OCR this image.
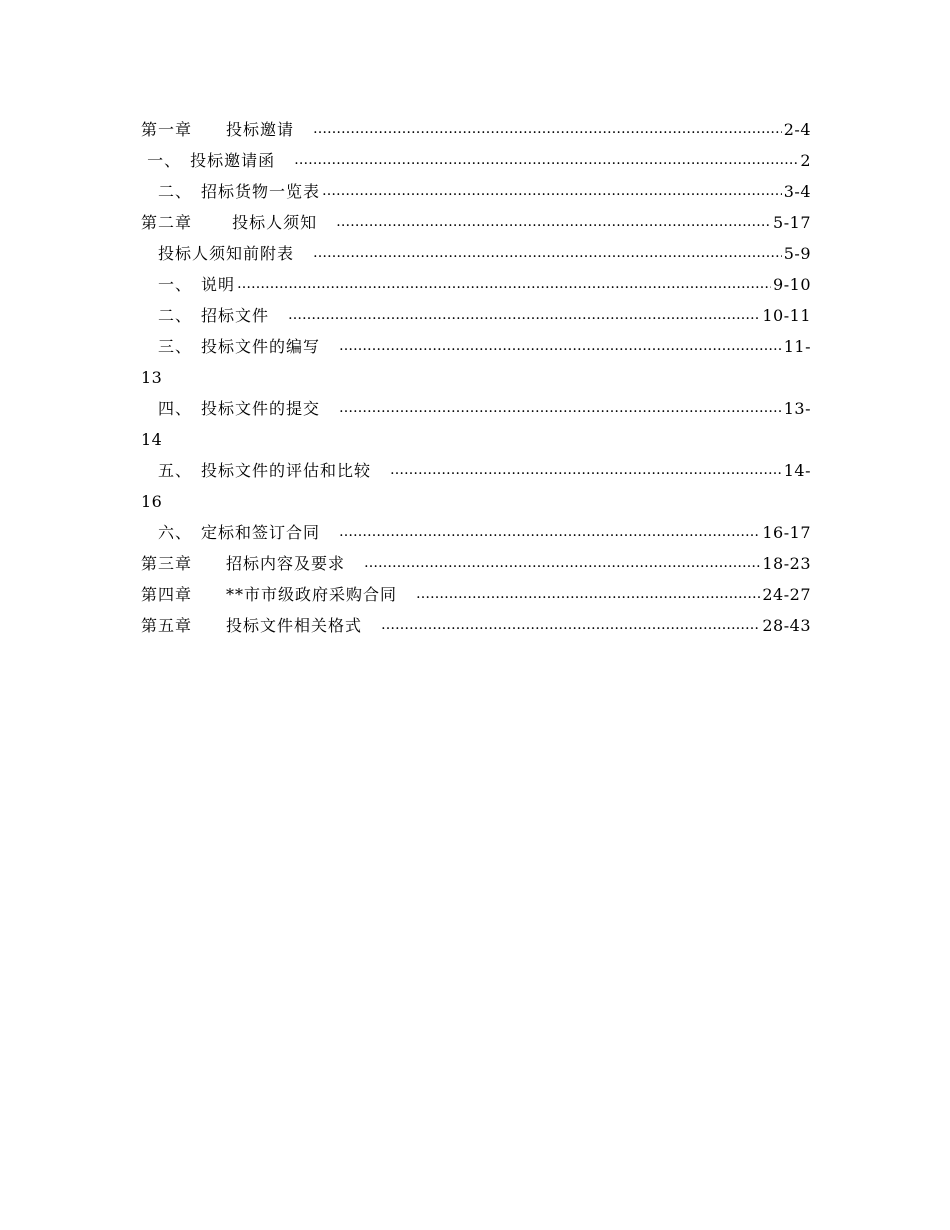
第一章　　投标邀请　 …………………………………………………………………………………………………………………………………………………………………………………………	2-4
一、　投标邀请函　 …………………………………………………………………………………………………………………………………………………………………………………………	2
　二、　招标货物一览表 …………………………………………………………………………………………………………………………………………………………………………………………	3-4
第二章　　 投标人须知　 …………………………………………………………………………………………………………………………………………………………………………………………	5-17
　投标人须知前附表　 …………………………………………………………………………………………………………………………………………………………………………………………	5-9
　一、　说明 …………………………………………………………………………………………………………………………………………………………………………………………	9-10
　二、　招标文件　 …………………………………………………………………………………………………………………………………………………………………………………………	10-11
　三、　投标文件的编写　 …………………………………………………………………………………………………………………………………………………………………………………………	11-
13
　四、　投标文件的提交　 …………………………………………………………………………………………………………………………………………………………………………………………	13-
14
　五、　投标文件的评估和比较　 …………………………………………………………………………………………………………………………………………………………………………………………	14-
16
　六、　定标和签订合同　 …………………………………………………………………………………………………………………………………………………………………………………………	16-17
第三章　　招标内容及要求　 …………………………………………………………………………………………………………………………………………………………………………………………	18-23
第四章　　**市市级政府采购合同　 …………………………………………………………………………………………………………………………………………………………………………………………	24-27
第五章　　投标文件相关格式　 …………………………………………………………………………………………………………………………………………………………………………………………	28-43
